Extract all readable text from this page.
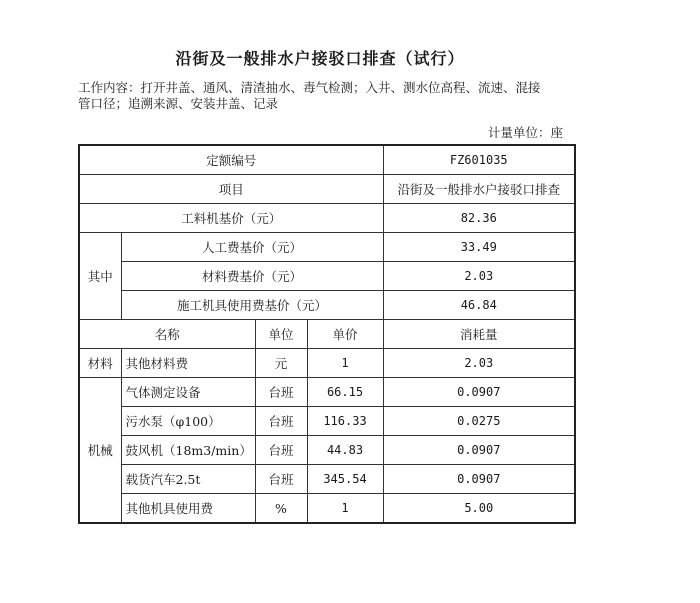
沿街及一般排水户接驳口排查（试行）
工作内容：打开井盖、通风、清渣抽水、毒气检测；入井、测水位高程、流速、混接
管口径；追溯来源、安装井盖、记录
计量单位：座
定额编号				FZ601035
项目				沿街及一般排水户接驳口排查
工料机基价（元）				82.36
其中	人工费基价（元）			33.49
	材料费基价（元）			2.03
	施工机具使用费基价（元）			46.84
名称		单位	单价	消耗量
材料	其他材料费	元	1	2.03
机械	气体测定设备	台班	66.15	0.0907
	污水泵（φ100）	台班	116.33	0.0275
	鼓风机（18m3/min）	台班	44.83	0.0907
	载货汽车2.5t	台班	345.54	0.0907
	其他机具使用费	%	1	5.00
